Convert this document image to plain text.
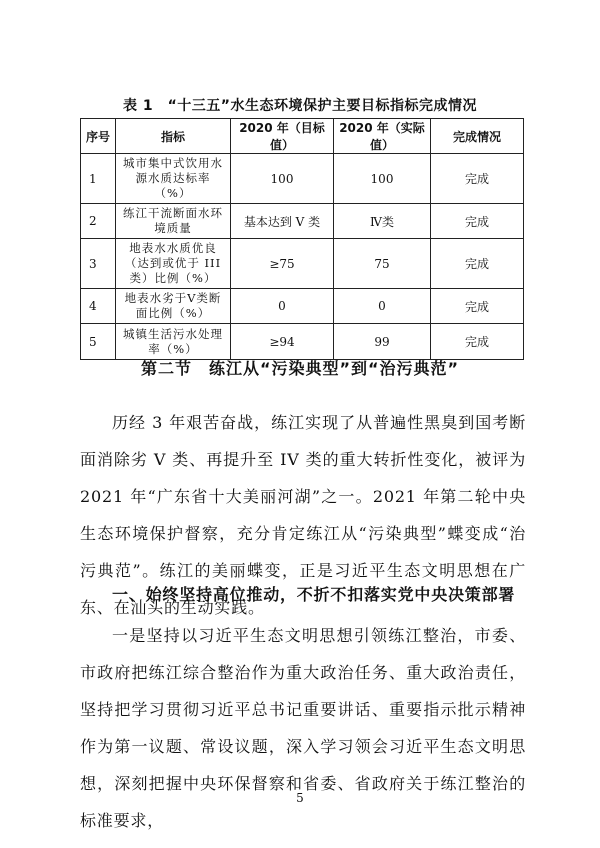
表 1　“十三五”水生态环境保护主要目标指标完成情况
序号	指标	2020 年（目标值）	2020 年（实际值）	完成情况
1	城市集中式饮用水源水质达标率（%）	100	100	完成
2	练江干流断面水环境质量	基本达到 V 类	Ⅳ类	完成
3	地表水水质优良（达到或优于 III 类）比例（%）	≥75	75	完成
4	地表水劣于Ⅴ类断面比例（%）	0	0	完成
5	城镇生活污水处理率（%）	≥94	99	完成
第二节　练江从“污染典型”到“治污典范”

历经 3 年艰苦奋战，练江实现了从普遍性黑臭到国考断面消除劣 V 类、再提升至 IV 类的重大转折性变化，被评为 2021 年“广东省十大美丽河湖”之一。2021 年第二轮中央生态环境保护督察，充分肯定练江从“污染典型”蝶变成“治污典范”。练江的美丽蝶变，正是习近平生态文明思想在广东、在汕头的生动实践。

一、始终坚持高位推动，不折不扣落实党中央决策部署

一是坚持以习近平生态文明思想引领练江整治，市委、市政府把练江综合整治作为重大政治任务、重大政治责任，坚持把学习贯彻习近平总书记重要讲话、重要指示批示精神作为第一议题、常设议题，深入学习领会习近平生态文明思想，深刻把握中央环保督察和省委、省政府关于练江整治的标准要求，

5
